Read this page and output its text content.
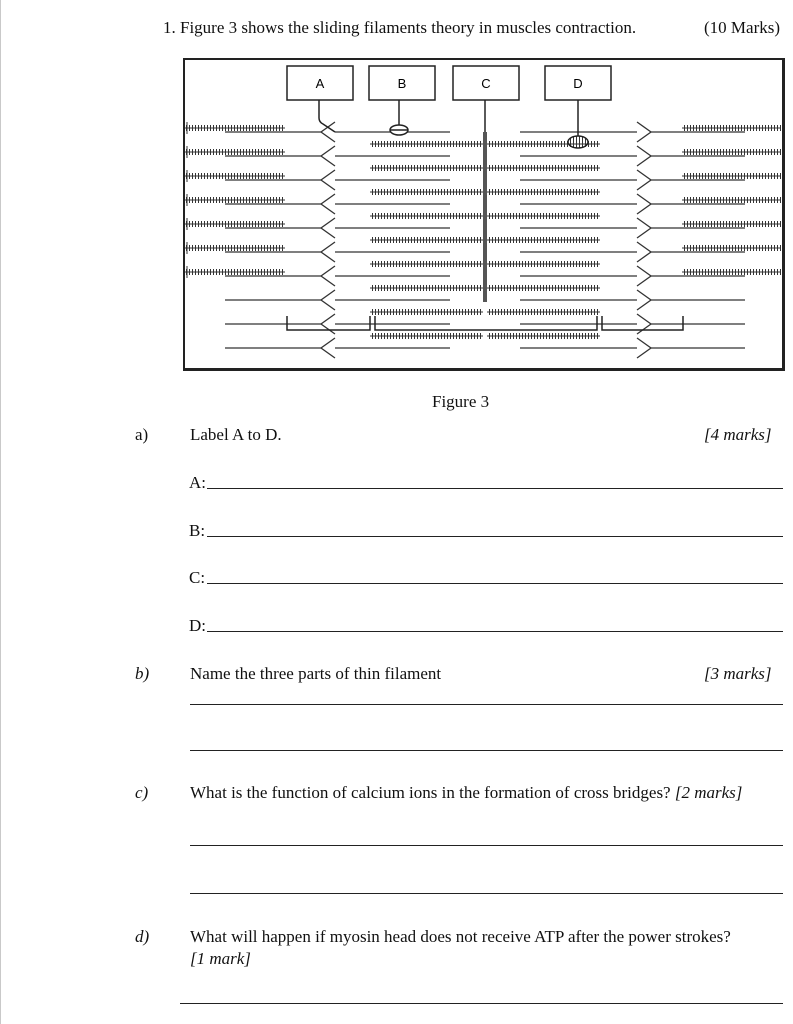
1. Figure 3 shows the sliding filaments theory in muscles contraction.	(10 Marks)
A	B	C	D
Figure 3
a) Label A to D.	[4 marks]
A:
B:
C:
D:
b) Name the three parts of thin filament	[3 marks]
c) What is the function of calcium ions in the formation of cross bridges? [2 marks]
d) What will happen if myosin head does not receive ATP after the power strokes?
[1 mark]
